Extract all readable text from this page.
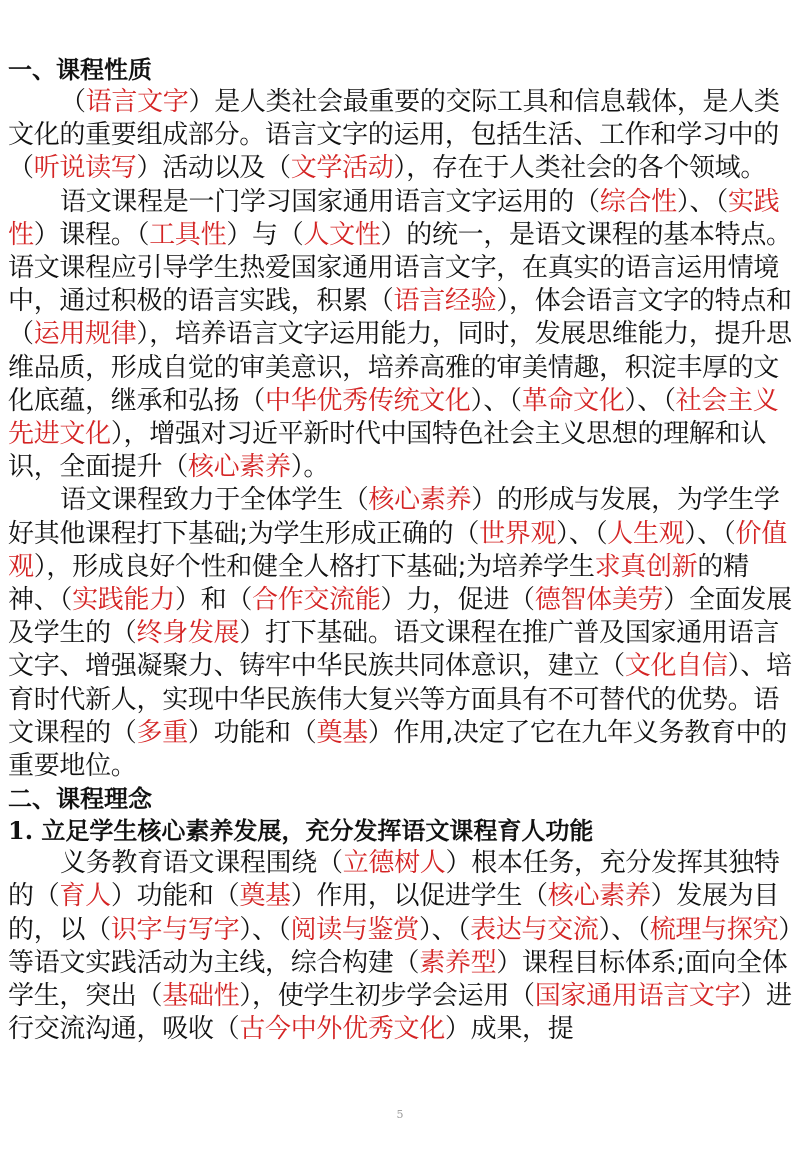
一、课程性质

（语言文字）是人类社会最重要的交际工具和信息载体，是人类文化的重要组成部分。语言文字的运用，包括生活、工作和学习中的（听说读写）活动以及（文学活动），存在于人类社会的各个领域。

语文课程是一门学习国家通用语言文字运用的（综合性）、（实践性）课程。（工具性）与（人文性）的统一，是语文课程的基本特点。语文课程应引导学生热爱国家通用语言文字，在真实的语言运用情境中，通过积极的语言实践，积累（语言经验），体会语言文字的特点和（运用规律），培养语言文字运用能力，同时，发展思维能力，提升思维品质，形成自觉的审美意识，培养高雅的审美情趣，积淀丰厚的文化底蕴，继承和弘扬（中华优秀传统文化）、（革命文化）、（社会主义先进文化），增强对习近平新时代中国特色社会主义思想的理解和认识，全面提升（核心素养）。

语文课程致力于全体学生（核心素养）的形成与发展，为学生学好其他课程打下基础;为学生形成正确的（世界观）、（人生观）、（价值观），形成良好个性和健全人格打下基础;为培养学生求真创新的精神、（实践能力）和（合作交流能）力，促进（德智体美劳）全面发展及学生的（终身发展）打下基础。语文课程在推广普及国家通用语言文字、增强凝聚力、铸牢中华民族共同体意识，建立（文化自信）、培育时代新人，实现中华民族伟大复兴等方面具有不可替代的优势。语文课程的（多重）功能和（奠基）作用,决定了它在九年义务教育中的重要地位。

二、课程理念
1. 立足学生核心素养发展，充分发挥语文课程育人功能

义务教育语文课程围绕（立德树人）根本任务，充分发挥其独特的（育人）功能和（奠基）作用，以促进学生（核心素养）发展为目的，以（识字与写字）、（阅读与鉴赏）、（表达与交流）、（梳理与探究）等语文实践活动为主线，综合构建（素养型）课程目标体系;面向全体学生，突出（基础性），使学生初步学会运用（国家通用语言文字）进行交流沟通，吸收（古今中外优秀文化）成果，提

5
